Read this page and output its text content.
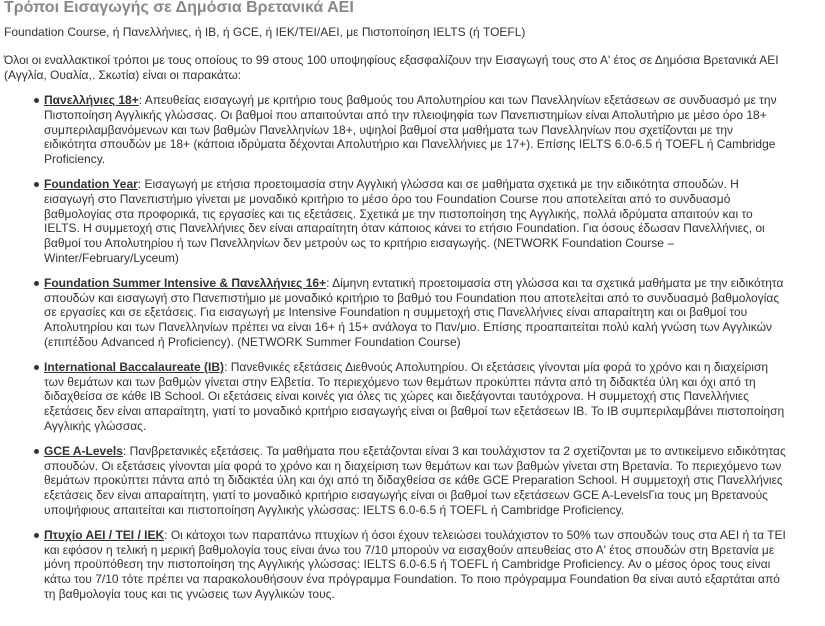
Τρόποι Εισαγωγής σε Δημόσια Βρετανικά ΑΕΙ

Foundation Course, ή Πανελλήνιες, ή IB, ή GCE, ή ΙΕΚ/ΤΕΙ/ΑΕΙ, με Πιστοποίηση IELTS (ή TOEFL)

Όλοι οι εναλλακτικοί τρόποι με τους οποίους το 99 στους 100 υποψηφίους εξασφαλίζουν την Εισαγωγή τους στο Α' έτος σε Δημόσια Βρετανικά ΑΕΙ (Αγγλία, Ουαλία,. Σκωτία) είναι οι παρακάτω:

Πανελλήνιες 18+: Απευθείας εισαγωγή με κριτήριο τους βαθμούς του Απολυτηρίου και των Πανελληνίων εξετάσεων σε συνδυασμό με την Πιστοποίηση Αγγλικής γλώσσας. Οι βαθμοί που απαιτούνται από την πλειοψηφία των Πανεπιστημίων είναι Απολυτήριο με μέσο όρο 18+ συμπεριλαμβανόμενων και των βαθμών Πανελληνίων 18+, υψηλοί βαθμοί στα μαθήματα των Πανελληνίων που σχετίζονται με την ειδικότητα σπουδών με 18+ (κάποια ιδρύματα δέχονται Απολυτήριο και Πανελλήνιες με 17+). Επίσης IELTS 6.0-6.5 ή TOEFL ή Cambridge Proficiency.
Foundation Year: Εισαγωγή με ετήσια προετοιμασία στην Αγγλική γλώσσα και σε μαθήματα σχετικά με την ειδικότητα σπουδών. Η εισαγωγή στο Πανεπιστήμιο γίνεται με μοναδικό κριτήριο το μέσο όρο του Foundation Course που αποτελείται από το συνδυασμό βαθμολογίας στα προφορικά, τις εργασίες και τις εξετάσεις. Σχετικά με την πιστοποίηση της Αγγλικής, πολλά ιδρύματα απαιτούν και το IELTS. Η συμμετοχή στις Πανελλήνιες δεν είναι απαραίτητη όταν κάποιος κάνει το ετήσιο Foundation. Για όσους έδωσαν Πανελλήνιες, οι βαθμοί του Απολυτηρίου ή των Πανελληνίων δεν μετρούν ως το κριτήριο εισαγωγής. (NETWORK Foundation Course – Winter/February/Lyceum)
Foundation Summer Intensive & Πανελλήνιες 16+: Δίμηνη εντατική προετοιμασία στη γλώσσα και τα σχετικά μαθήματα με την ειδικότητα σπουδών και εισαγωγή στο Πανεπιστήμιο με μοναδικό κριτήριο το βαθμό του Foundation που αποτελείται από το συνδυασμό βαθμολογίας σε εργασίες και σε εξετάσεις. Για εισαγωγή με Intensive Foundation η συμμετοχή στις Πανελλήνιες είναι απαραίτητη και οι βαθμοί του Απολυτηρίου και των Πανελληνίων πρέπει να είναι 16+ ή 15+ ανάλογα το Παν/μιο. Επίσης προαπαιτείται πολύ καλή γνώση των Αγγλικών (επιπέδου Advanced ή Proficiency). (NETWORK Summer Foundation Course)
International Baccalaureate (IB): Πανεθνικές εξετάσεις Διεθνούς Απολυτηρίου. Οι εξετάσεις γίνονται μία φορά το χρόνο και η διαχείριση των θεμάτων και των βαθμών γίνεται στην Ελβετία. Το περιεχόμενο των θεμάτων προκύπτει πάντα από τη διδακτέα ύλη και όχι από τη διδαχθείσα σε κάθε IB School. Οι εξετάσεις είναι κοινές για όλες τις χώρες και διεξάγονται ταυτόχρονα. Η συμμετοχή στις Πανελλήνιες εξετάσεις δεν είναι απαραίτητη, γιατί το μοναδικό κριτήριο εισαγωγής είναι οι βαθμοί των εξετάσεων IB. Το IB συμπεριλαμβάνει πιστοποίηση Αγγλικής γλώσσας.
GCE A-Levels: Πανβρετανικές εξετάσεις. Τα μαθήματα που εξετάζονται είναι 3 και τουλάχιστον τα 2 σχετίζονται με το αντικείμενο ειδικότητας σπουδών. Οι εξετάσεις γίνονται μία φορά το χρόνο και η διαχείριση των θεμάτων και των βαθμών γίνεται στη Βρετανία. Το περιεχόμενο των θεμάτων προκύπτει πάντα από τη διδακτέα ύλη και όχι από τη διδαχθείσα σε κάθε GCE Preparation School. Η συμμετοχή στις Πανελλήνιες εξετάσεις δεν είναι απαραίτητη, γιατί το μοναδικό κριτήριο εισαγωγής είναι οι βαθμοί των εξετάσεων GCE A-LevelsΓια τους μη Βρετανούς υποψήφιους απαιτείται και πιστοποίηση Αγγλικής γλώσσας: IELTS 6.0-6.5 ή TOEFL ή Cambridge Proficiency.
Πτυχίο ΑΕΙ / ΤΕΙ / ΙΕΚ: Οι κάτοχοι των παραπάνω πτυχίων ή όσοι έχουν τελειώσει τουλάχιστον το 50% των σπουδών τους στα ΑΕΙ ή τα ΤΕΙ και εφόσον η τελική η μερική βαθμολογία τους είναι άνω του 7/10 μπορούν να εισαχθούν απευθείας στο Α' έτος σπουδών στη Βρετανία με μόνη προϋπόθεση την πιστοποίηση της Αγγλικής γλώσσας: IELTS 6.0-6.5 ή TOEFL ή Cambridge Proficiency. Αν ο μέσος όρος τους είναι κάτω του 7/10 τότε πρέπει να παρακολουθήσουν ένα πρόγραμμα Foundation. Το ποιο πρόγραμμα Foundation θα είναι αυτό εξαρτάται από τη βαθμολογία τους και τις γνώσεις των Αγγλικών τους.
